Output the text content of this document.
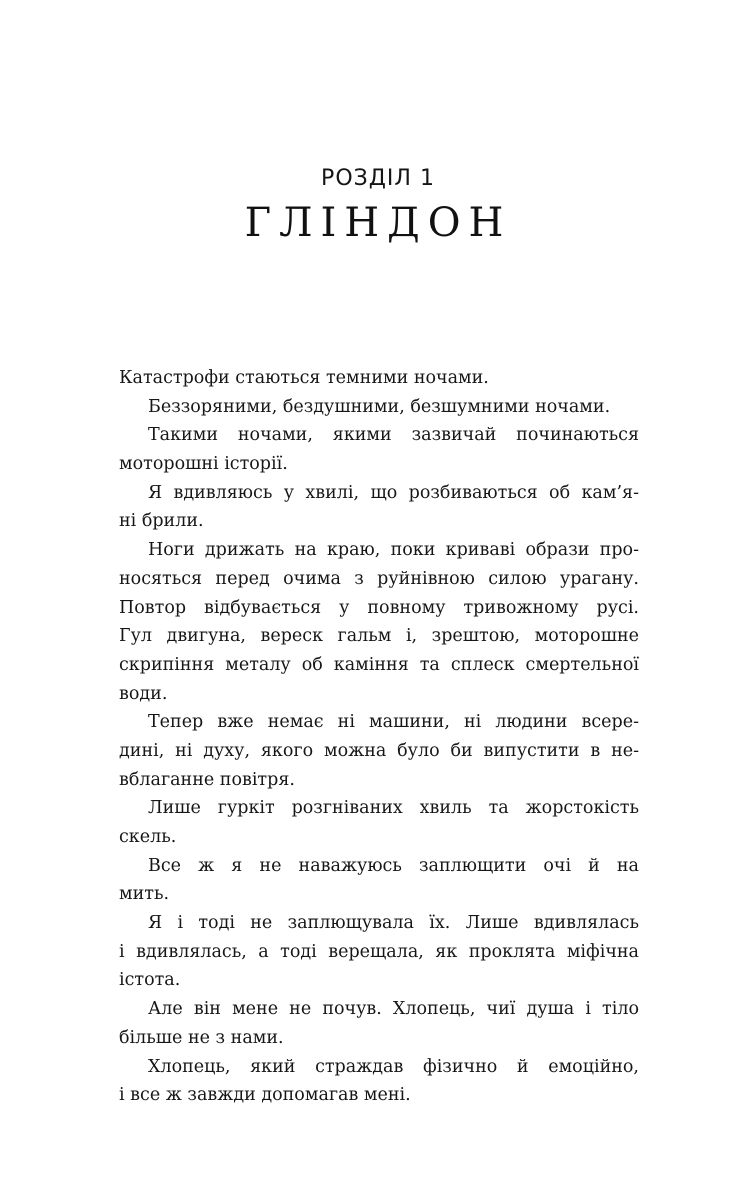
РОЗДІЛ 1
ГЛІНДОН
Катастрофи стаються темними ночами.
Беззоряними, бездушними, безшумними ночами.
Такими ночами, якими зазвичай починаються
моторошні історії.
Я вдивляюсь у хвилі, що розбиваються об кам’я-
ні брили.
Ноги дрижать на краю, поки криваві образи про-
носяться перед очима з руйнівною силою урагану.
Повтор відбувається у повному тривожному русі.
Гул двигуна, вереск гальм і, зрештою, моторошне
скрипіння металу об каміння та сплеск смертельної
води.
Тепер вже немає ні машини, ні людини всере-
дині, ні духу, якого можна було би випустити в не-
вблаганне повітря.
Лише гуркіт розгніваних хвиль та жорстокість
скель.
Все ж я не наважуюсь заплющити очі й на
мить.
Я і тоді не заплющувала їх. Лише вдивлялась
і вдивлялась, а тоді верещала, як проклята міфічна
істота.
Але він мене не почув. Хлопець, чиї душа і тіло
більше не з нами.
Хлопець, який страждав фізично й емоційно,
і все ж завжди допомагав мені.
